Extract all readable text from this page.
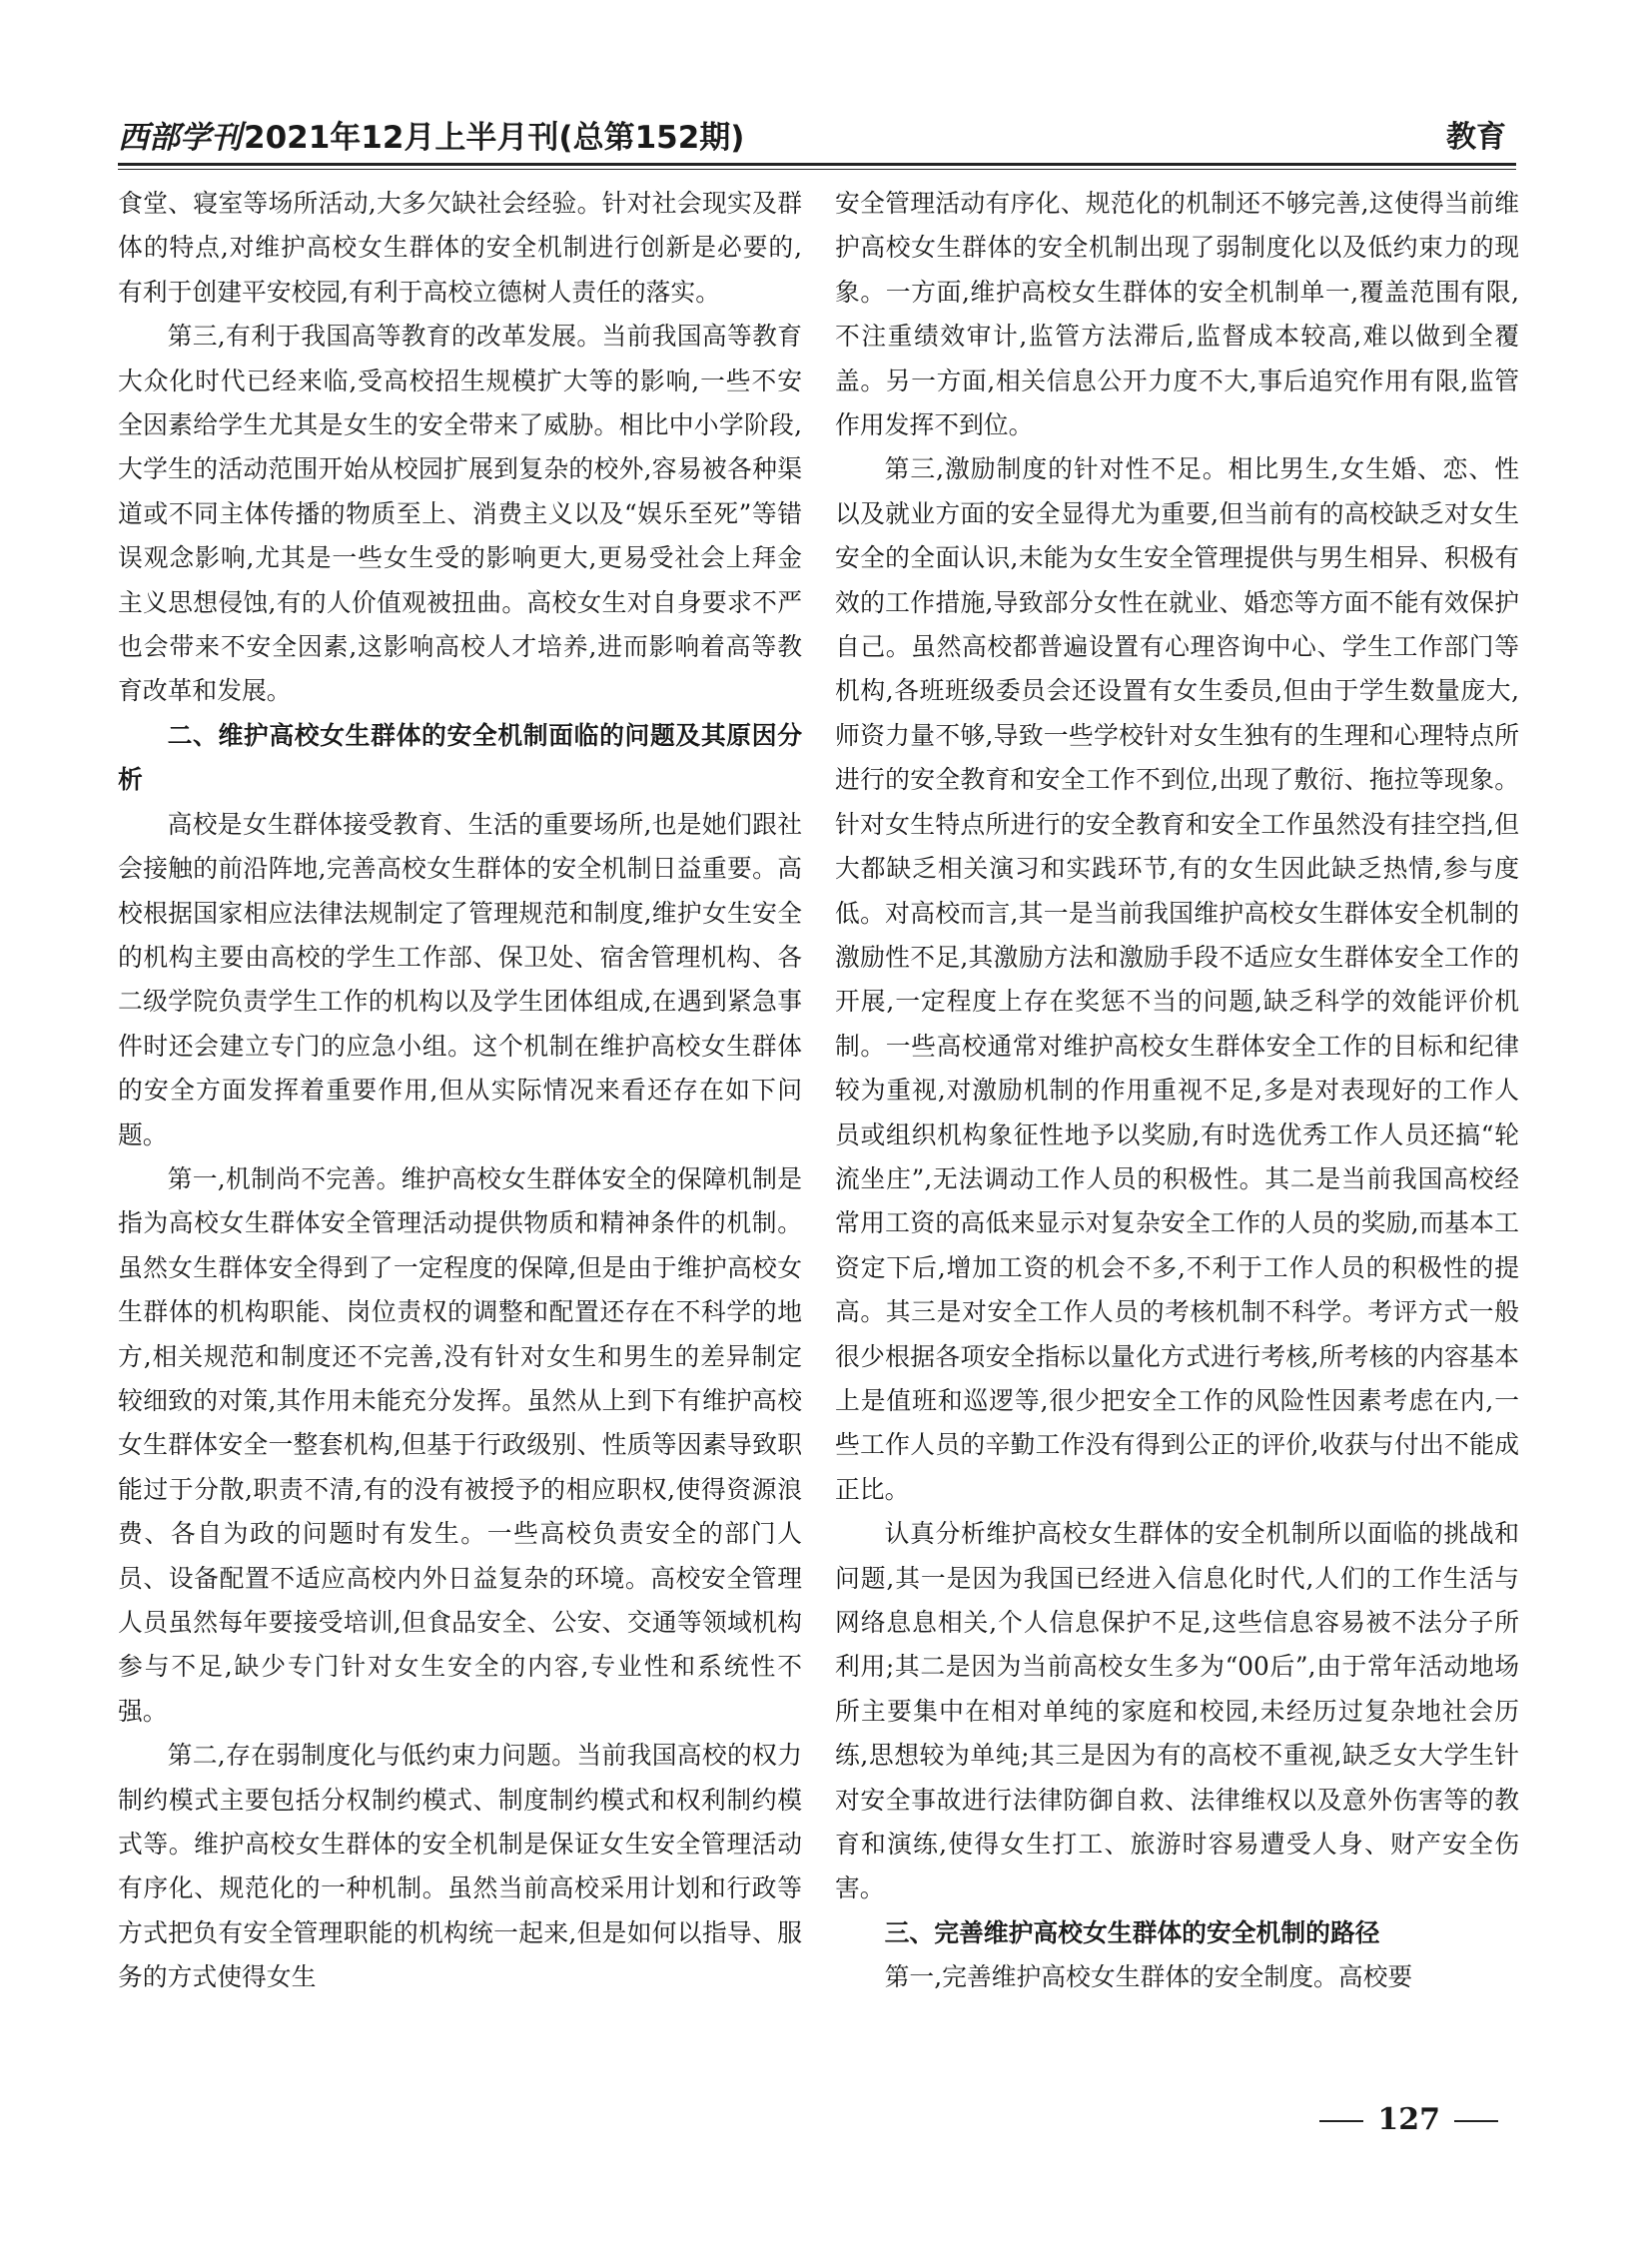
西部学刊2021年12月上半月刊(总第152期)	教育

食堂、寝室等场所活动,大多欠缺社会经验。针对社会现实及群体的特点,对维护高校女生群体的安全机制进行创新是必要的,有利于创建平安校园,有利于高校立德树人责任的落实。

第三,有利于我国高等教育的改革发展。当前我国高等教育大众化时代已经来临,受高校招生规模扩大等的影响,一些不安全因素给学生尤其是女生的安全带来了威胁。相比中小学阶段,大学生的活动范围开始从校园扩展到复杂的校外,容易被各种渠道或不同主体传播的物质至上、消费主义以及“娱乐至死”等错误观念影响,尤其是一些女生受的影响更大,更易受社会上拜金主义思想侵蚀,有的人价值观被扭曲。高校女生对自身要求不严也会带来不安全因素,这影响高校人才培养,进而影响着高等教育改革和发展。

二、维护高校女生群体的安全机制面临的问题及其原因分析

高校是女生群体接受教育、生活的重要场所,也是她们跟社会接触的前沿阵地,完善高校女生群体的安全机制日益重要。高校根据国家相应法律法规制定了管理规范和制度,维护女生安全的机构主要由高校的学生工作部、保卫处、宿舍管理机构、各二级学院负责学生工作的机构以及学生团体组成,在遇到紧急事件时还会建立专门的应急小组。这个机制在维护高校女生群体的安全方面发挥着重要作用,但从实际情况来看还存在如下问题。

第一,机制尚不完善。维护高校女生群体安全的保障机制是指为高校女生群体安全管理活动提供物质和精神条件的机制。虽然女生群体安全得到了一定程度的保障,但是由于维护高校女生群体的机构职能、岗位责权的调整和配置还存在不科学的地方,相关规范和制度还不完善,没有针对女生和男生的差异制定较细致的对策,其作用未能充分发挥。虽然从上到下有维护高校女生群体安全一整套机构,但基于行政级别、性质等因素导致职能过于分散,职责不清,有的没有被授予的相应职权,使得资源浪费、各自为政的问题时有发生。一些高校负责安全的部门人员、设备配置不适应高校内外日益复杂的环境。高校安全管理人员虽然每年要接受培训,但食品安全、公安、交通等领域机构参与不足,缺少专门针对女生安全的内容,专业性和系统性不强。

第二,存在弱制度化与低约束力问题。当前我国高校的权力制约模式主要包括分权制约模式、制度制约模式和权利制约模式等。维护高校女生群体的安全机制是保证女生安全管理活动有序化、规范化的一种机制。虽然当前高校采用计划和行政等方式把负有安全管理职能的机构统一起来,但是如何以指导、服务的方式使得女生

安全管理活动有序化、规范化的机制还不够完善,这使得当前维护高校女生群体的安全机制出现了弱制度化以及低约束力的现象。一方面,维护高校女生群体的安全机制单一,覆盖范围有限,不注重绩效审计,监管方法滞后,监督成本较高,难以做到全覆盖。另一方面,相关信息公开力度不大,事后追究作用有限,监管作用发挥不到位。

第三,激励制度的针对性不足。相比男生,女生婚、恋、性以及就业方面的安全显得尤为重要,但当前有的高校缺乏对女生安全的全面认识,未能为女生安全管理提供与男生相异、积极有效的工作措施,导致部分女性在就业、婚恋等方面不能有效保护自己。虽然高校都普遍设置有心理咨询中心、学生工作部门等机构,各班班级委员会还设置有女生委员,但由于学生数量庞大,师资力量不够,导致一些学校针对女生独有的生理和心理特点所进行的安全教育和安全工作不到位,出现了敷衍、拖拉等现象。针对女生特点所进行的安全教育和安全工作虽然没有挂空挡,但大都缺乏相关演习和实践环节,有的女生因此缺乏热情,参与度低。对高校而言,其一是当前我国维护高校女生群体安全机制的激励性不足,其激励方法和激励手段不适应女生群体安全工作的开展,一定程度上存在奖惩不当的问题,缺乏科学的效能评价机制。一些高校通常对维护高校女生群体安全工作的目标和纪律较为重视,对激励机制的作用重视不足,多是对表现好的工作人员或组织机构象征性地予以奖励,有时选优秀工作人员还搞“轮流坐庄”,无法调动工作人员的积极性。其二是当前我国高校经常用工资的高低来显示对复杂安全工作的人员的奖励,而基本工资定下后,增加工资的机会不多,不利于工作人员的积极性的提高。其三是对安全工作人员的考核机制不科学。考评方式一般很少根据各项安全指标以量化方式进行考核,所考核的内容基本上是值班和巡逻等,很少把安全工作的风险性因素考虑在内,一些工作人员的辛勤工作没有得到公正的评价,收获与付出不能成正比。

认真分析维护高校女生群体的安全机制所以面临的挑战和问题,其一是因为我国已经进入信息化时代,人们的工作生活与网络息息相关,个人信息保护不足,这些信息容易被不法分子所利用;其二是因为当前高校女生多为“00后”,由于常年活动地场所主要集中在相对单纯的家庭和校园,未经历过复杂地社会历练,思想较为单纯;其三是因为有的高校不重视,缺乏女大学生针对安全事故进行法律防御自救、法律维权以及意外伤害等的教育和演练,使得女生打工、旅游时容易遭受人身、财产安全伤害。

三、完善维护高校女生群体的安全机制的路径

第一,完善维护高校女生群体的安全制度。高校要

127
